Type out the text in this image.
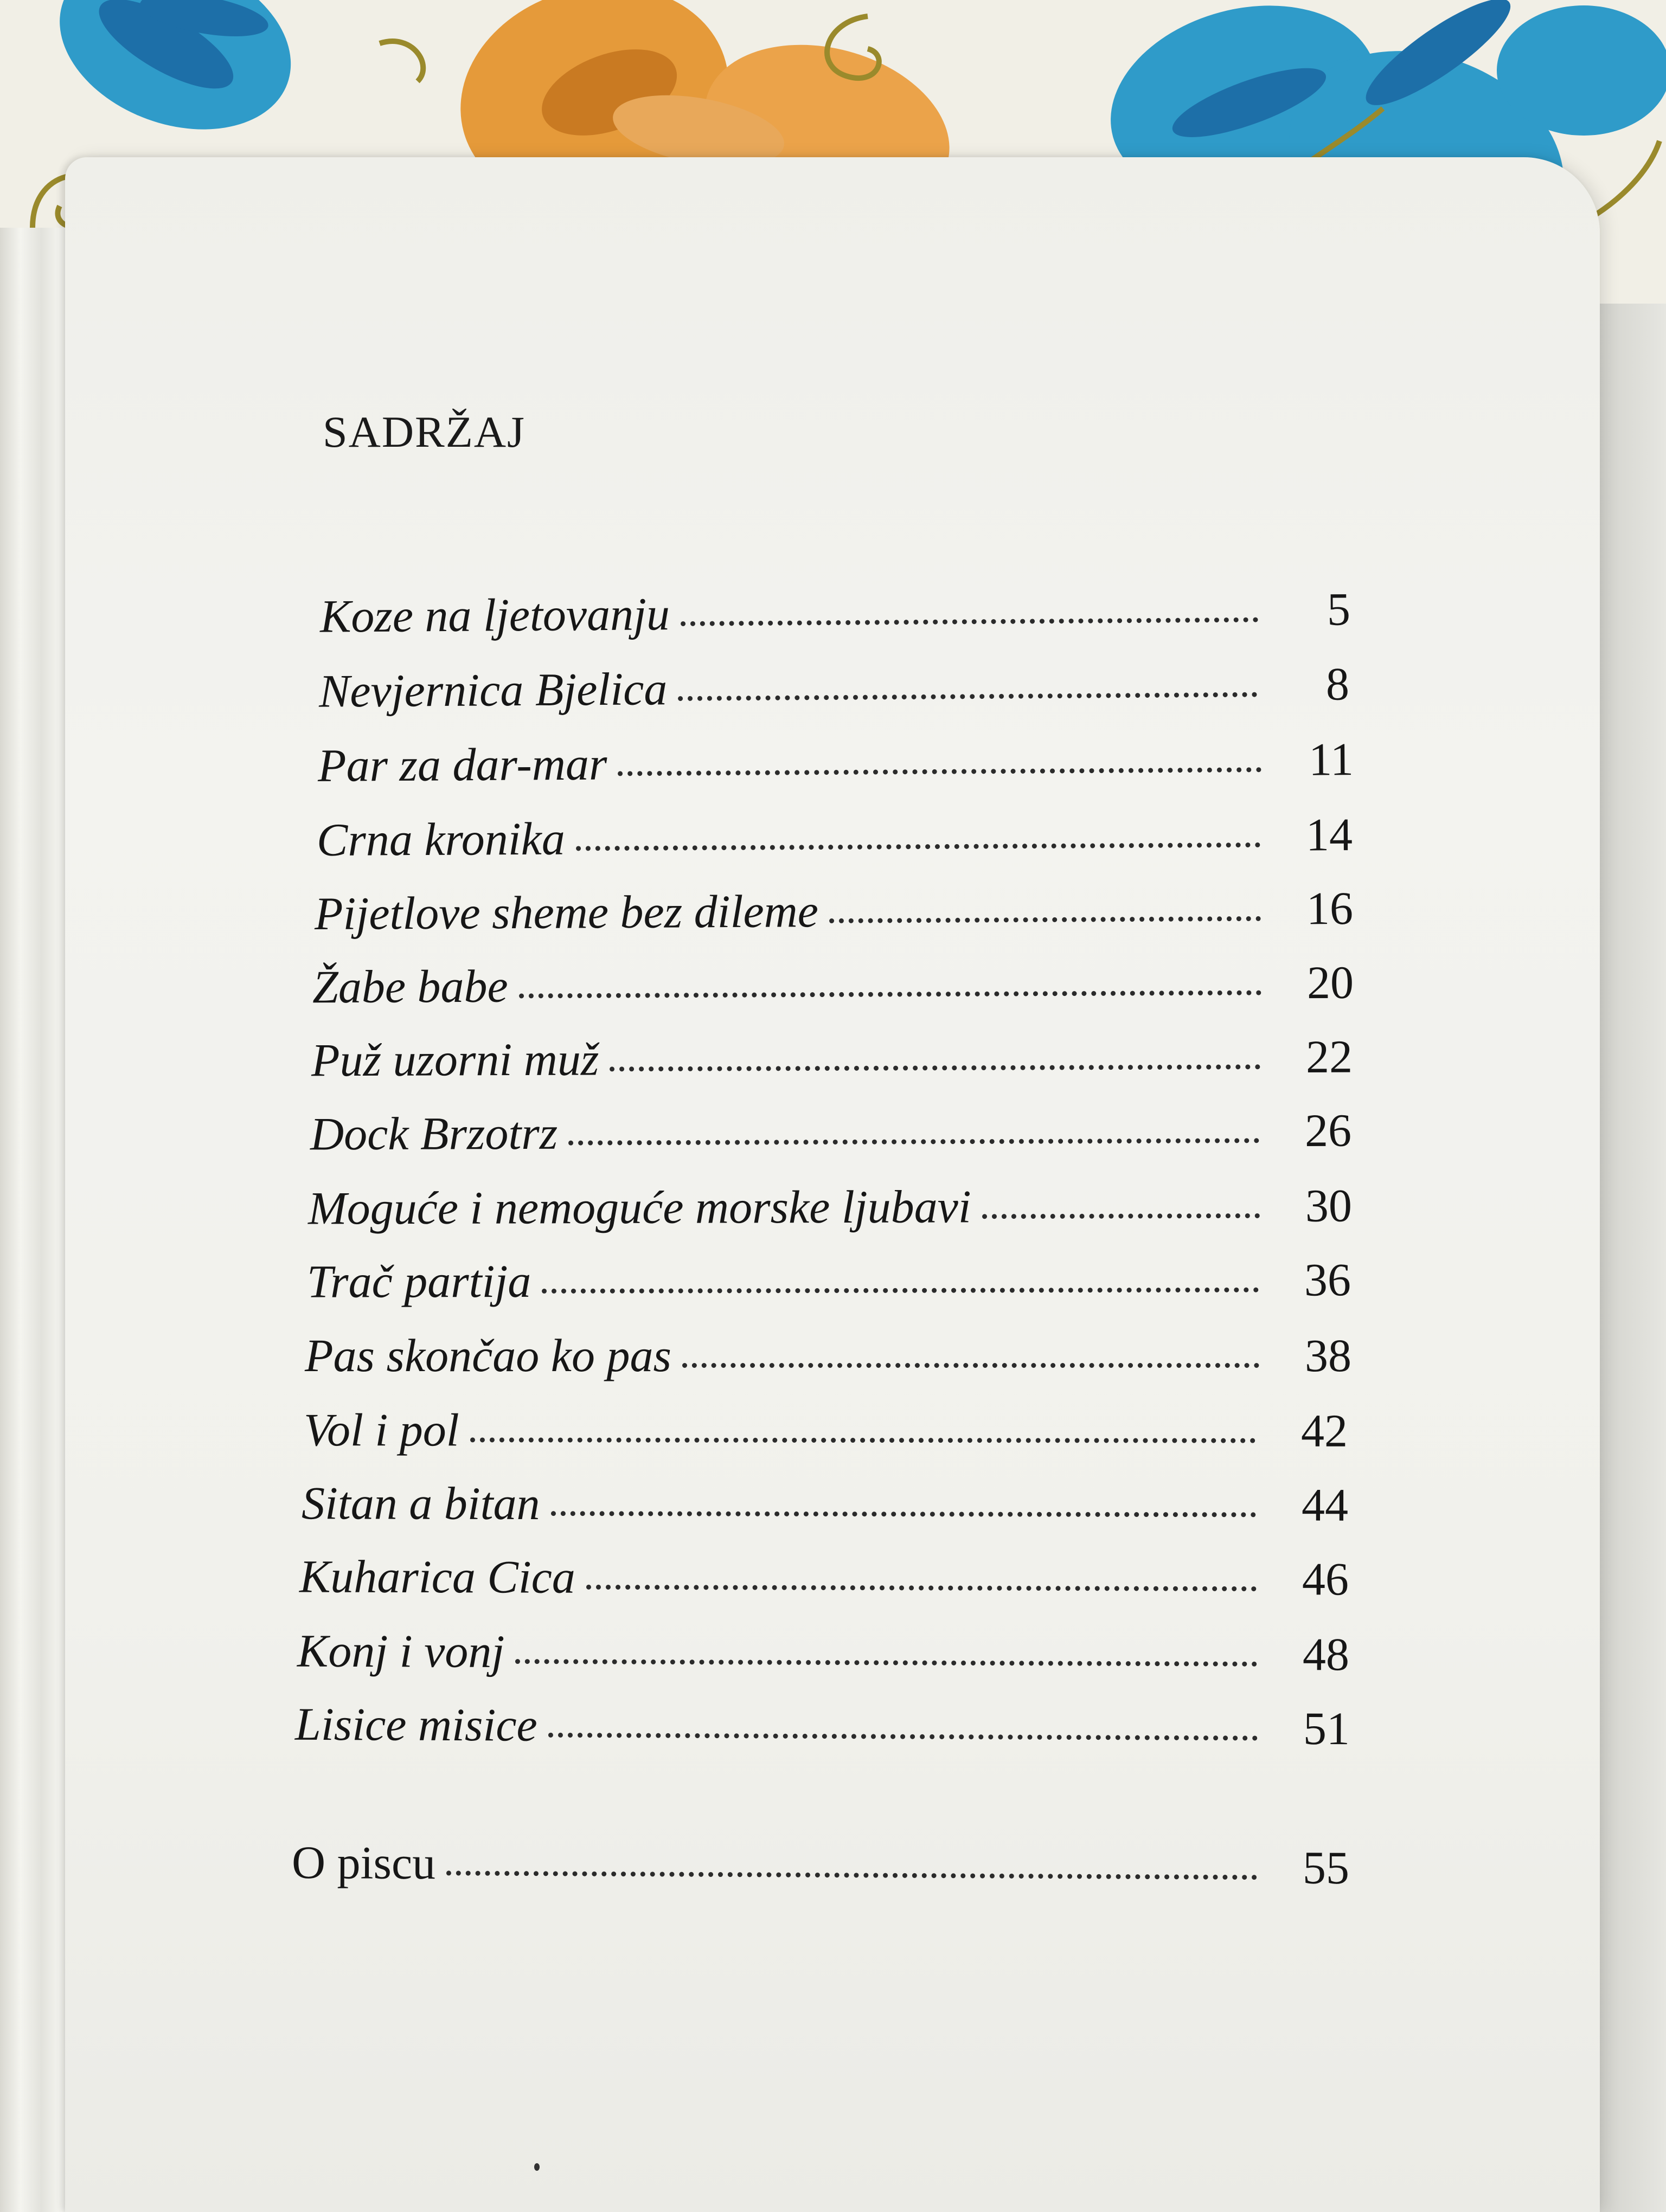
SADRŽAJ
Koze na ljetovanju	5
Nevjernica Bjelica	8
Par za dar-mar	11
Crna kronika	14
Pijetlove sheme bez dileme	16
Žabe babe	20
Puž uzorni muž	22
Dock Brzotrz	26
Moguće i nemoguće morske ljubavi	30
Trač partija	36
Pas skončao ko pas	38
Vol i pol	42
Sitan a bitan	44
Kuharica Cica	46
Konj i vonj	48
Lisice misice	51
O piscu	55
